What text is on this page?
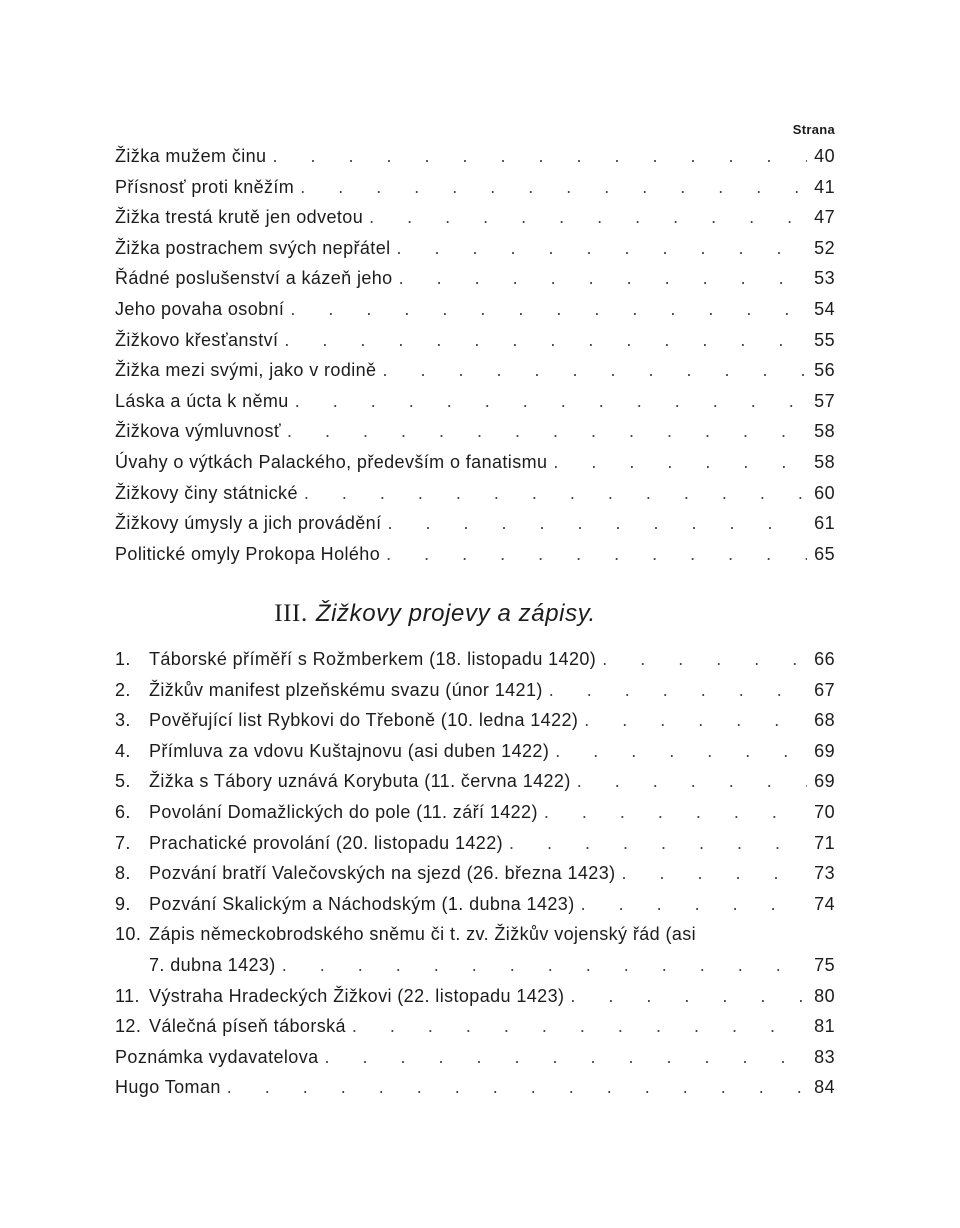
Strana
Žižka mužem činu . . .	40
Přísnosť proti kněžím . . .	41
Žižka trestá krutě jen odvetou . . .	47
Žižka postrachem svých nepřátel . . .	52
Řádné poslušenství a kázeň jeho . . .	53
Jeho povaha osobní . . .	54
Žižkovo křesťanství . . .	55
Žižka mezi svými, jako v rodině . . .	56
Láska a úcta k němu . . .	57
Žižkova výmluvnosť . . .	58
Úvahy o výtkách Palackého, především o fanatismu . . .	58
Žižkovy činy státnické . . .	60
Žižkovy úmysly a jich provádění . . .	61
Politické omyly Prokopa Holého . . .	65
III. Žižkovy projevy a zápisy.
1.	Táborské příměří s Rožmberkem (18. listopadu 1420) . . .	66
2.	Žižkův manifest plzeňskému svazu (únor 1421) . . .	67
3.	Pověřující list Rybkovi do Třeboně (10. ledna 1422) . . .	68
4.	Přímluva za vdovu Kuštajnovu (asi duben 1422) . . .	69
5.	Žižka s Tábory uznává Korybuta (11. června 1422) . . .	69
6.	Povolání Domažlických do pole (11. září 1422) . . .	70
7.	Prachatické provolání (20. listopadu 1422) . . .	71
8.	Pozvání bratří Valečovských na sjezd (26. března 1423) . . .	73
9.	Pozvání Skalickým a Náchodským (1. dubna 1423) . . .	74
10. Zápis německobrodského sněmu či t. zv. Žižkův vojenský řád (asi
7. dubna 1423) . . .	75
11. Výstraha Hradeckých Žižkovi (22. listopadu 1423) . . .	80
12. Válečná píseň táborská . . .	81
Poznámka vydavatelova . . .	83
Hugo Toman . . .	84
